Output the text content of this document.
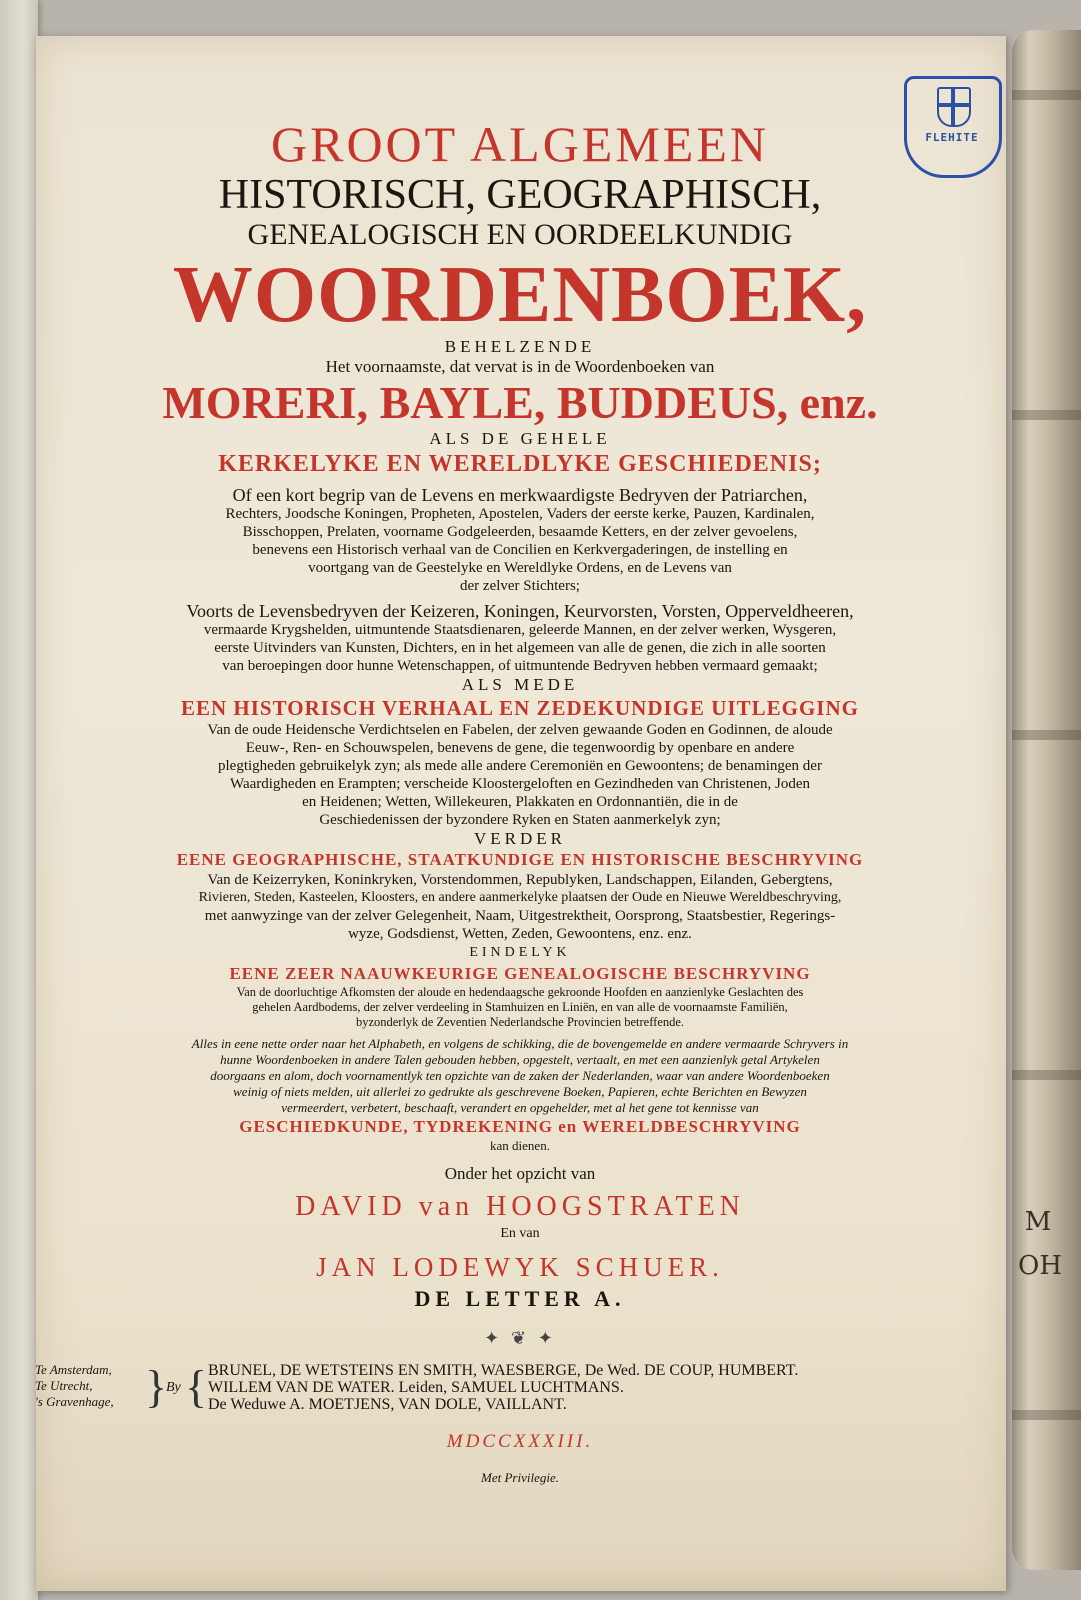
M
OH
FLEHITE
GROOT ALGEMEEN
HISTORISCH, GEOGRAPHISCH,
GENEALOGISCH EN OORDEELKUNDIG
WOORDENBOEK,
BEHELZENDE
Het voornaamste, dat vervat is in de Woordenboeken van
MORERI, BAYLE, BUDDEUS, enz.
ALS DE GEHELE
KERKELYKE EN WERELDLYKE GESCHIEDENIS;
Of een kort begrip van de Levens en merkwaardigste Bedryven der Patriarchen,
Rechters, Joodsche Koningen, Propheten, Apostelen, Vaders der eerste kerke, Pauzen, Kardinalen,
Bisschoppen, Prelaten, voorname Godgeleerden, besaamde Ketters, en der zelver gevoelens,
benevens een Historisch verhaal van de Concilien en Kerkvergaderingen, de instelling en
voortgang van de Geestelyke en Wereldlyke Ordens, en de Levens van
der zelver Stichters;
Voorts de Levensbedryven der Keizeren, Koningen, Keurvorsten, Vorsten, Opperveldheeren,
vermaarde Krygshelden, uitmuntende Staatsdienaren, geleerde Mannen, en der zelver werken, Wysgeren,
eerste Uitvinders van Kunsten, Dichters, en in het algemeen van alle de genen, die zich in alle soorten
van beroepingen door hunne Wetenschappen, of uitmuntende Bedryven hebben vermaard gemaakt;
ALS MEDE
EEN HISTORISCH VERHAAL EN ZEDEKUNDIGE UITLEGGING
Van de oude Heidensche Verdichtselen en Fabelen, der zelven gewaande Goden en Godinnen, de aloude
Eeuw-, Ren- en Schouwspelen, benevens de gene, die tegenwoordig by openbare en andere
plegtigheden gebruikelyk zyn; als mede alle andere Ceremoniën en Gewoontens; de benamingen der
Waardigheden en Erampten; verscheide Kloostergeloften en Gezindheden van Christenen, Joden
en Heidenen; Wetten, Willekeuren, Plakkaten en Ordonnantiën, die in de
Geschiedenissen der byzondere Ryken en Staten aanmerkelyk zyn;
VERDER
EENE GEOGRAPHISCHE, STAATKUNDIGE EN HISTORISCHE BESCHRYVING
Van de Keizerryken, Koninkryken, Vorstendommen, Republyken, Landschappen, Eilanden, Gebergtens,
Rivieren, Steden, Kasteelen, Kloosters, en andere aanmerkelyke plaatsen der Oude en Nieuwe Wereldbeschryving,
met aanwyzinge van der zelver Gelegenheit, Naam, Uitgestrektheit, Oorsprong, Staatsbestier, Regerings-
wyze, Godsdienst, Wetten, Zeden, Gewoontens, enz. enz.
EINDELYK
EENE ZEER NAAUWKEURIGE GENEALOGISCHE BESCHRYVING
Van de doorluchtige Afkomsten der aloude en hedendaagsche gekroonde Hoofden en aanzienlyke Geslachten des
gehelen Aardbodems, der zelver verdeeling in Stamhuizen en Liniën, en van alle de voornaamste Familiën,
byzonderlyk de Zeventien Nederlandsche Provincien betreffende.
Alles in eene nette order naar het Alphabeth, en volgens de schikking, die de bovengemelde en andere vermaarde Schryvers in
hunne Woordenboeken in andere Talen gebouden hebben, opgestelt, vertaalt, en met een aanzienlyk getal Artykelen
doorgaans en alom, doch voornamentlyk ten opzichte van de zaken der Nederlanden, waar van andere Woordenboeken
weinig of niets melden, uit allerlei zo gedrukte als geschrevene Boeken, Papieren, echte Berichten en Bewyzen
vermeerdert, verbetert, beschaaft, verandert en opgehelder, met al het gene tot kennisse van
GESCHIEDKUNDE, TYDREKENING en WERELDBESCHRYVING
kan dienen.
Onder het opzicht van
DAVID van HOOGSTRATEN
En van
JAN LODEWYK SCHUER.
DE LETTER A.
✦ ❦ ✦
Te Amsterdam,
Te Utrecht,
's Gravenhage, }
By { BRUNEL, DE WETSTEINS EN SMITH, WAESBERGE, De Wed. DE COUP, HUMBERT.
WILLEM VAN DE WATER. Leiden, SAMUEL LUCHTMANS.
De Weduwe A. MOETJENS, VAN DOLE, VAILLANT.
MDCCXXXIII.
Met Privilegie.
